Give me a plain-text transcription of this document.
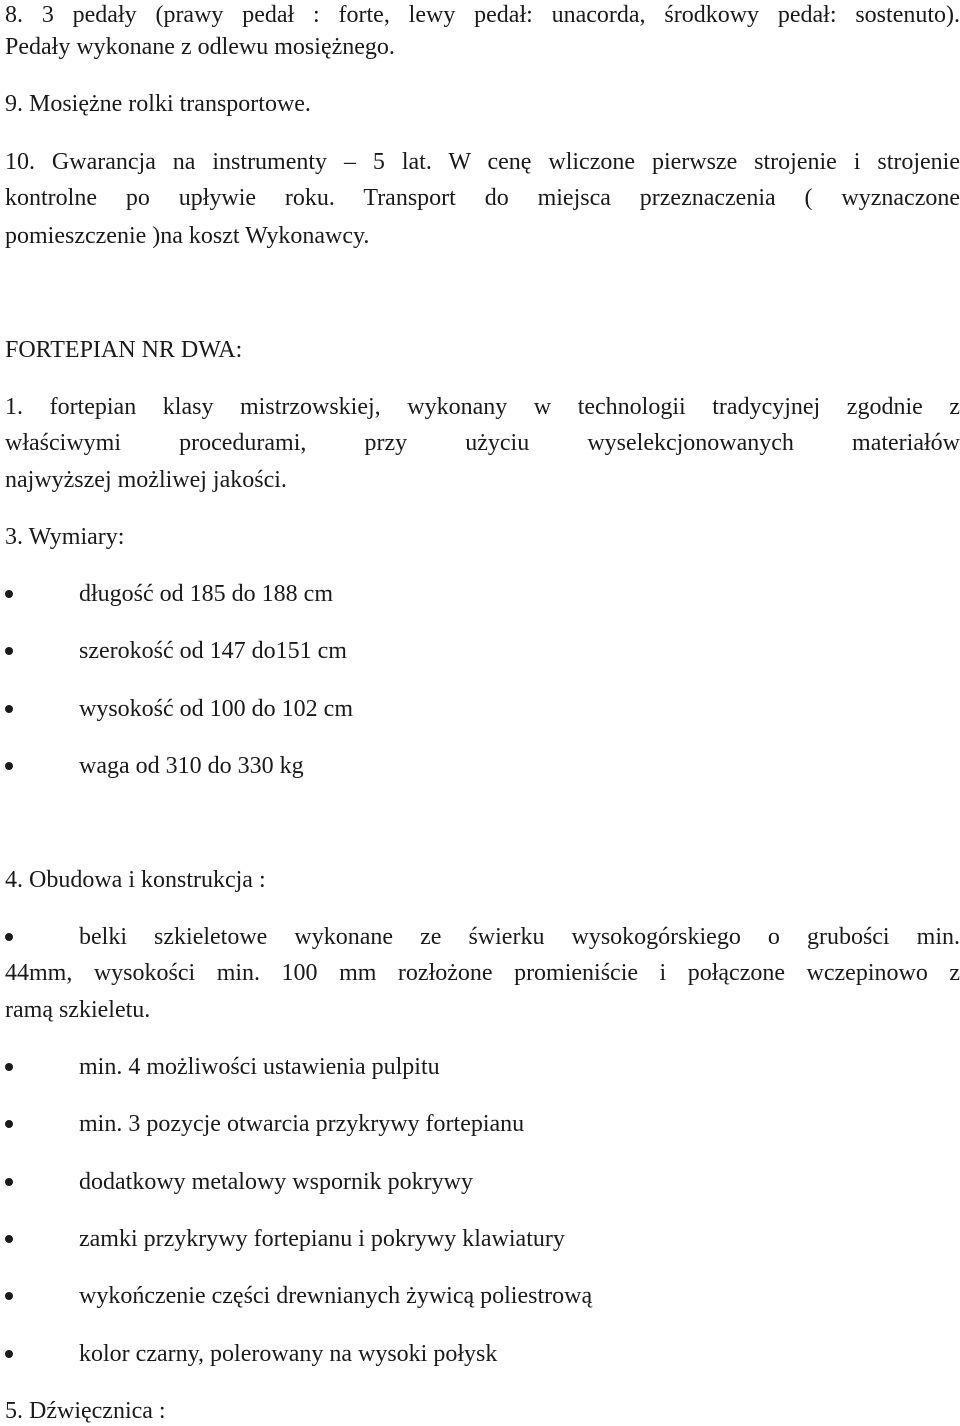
8. 3 pedały (prawy pedał : forte, lewy pedał: unacorda, środkowy pedał: sostenuto).
Pedały wykonane z odlewu mosiężnego.
9. Mosiężne rolki transportowe.
10. Gwarancja na instrumenty – 5 lat. W cenę wliczone pierwsze strojenie i strojenie
kontrolne po upływie roku. Transport do miejsca przeznaczenia ( wyznaczone
pomieszczenie )na koszt Wykonawcy.
FORTEPIAN NR DWA:
1. fortepian klasy mistrzowskiej, wykonany w technologii tradycyjnej zgodnie z
właściwymi procedurami, przy użyciu wyselekcjonowanych materiałów
najwyższej możliwej jakości.
3. Wymiary:
długość od 185 do 188 cm
szerokość od 147 do151 cm
wysokość od 100 do 102 cm
waga od 310 do 330 kg
4. Obudowa i konstrukcja :
belki szkieletowe wykonane ze świerku wysokogórskiego o grubości min.
44mm, wysokości min. 100 mm rozłożone promieniście i połączone wczepinowo z
ramą szkieletu.
min. 4 możliwości ustawienia pulpitu
min. 3 pozycje otwarcia przykrywy fortepianu
dodatkowy metalowy wspornik pokrywy
zamki przykrywy fortepianu i pokrywy klawiatury
wykończenie części drewnianych żywicą poliestrową
kolor czarny, polerowany na wysoki połysk
5. Dźwięcznica :
